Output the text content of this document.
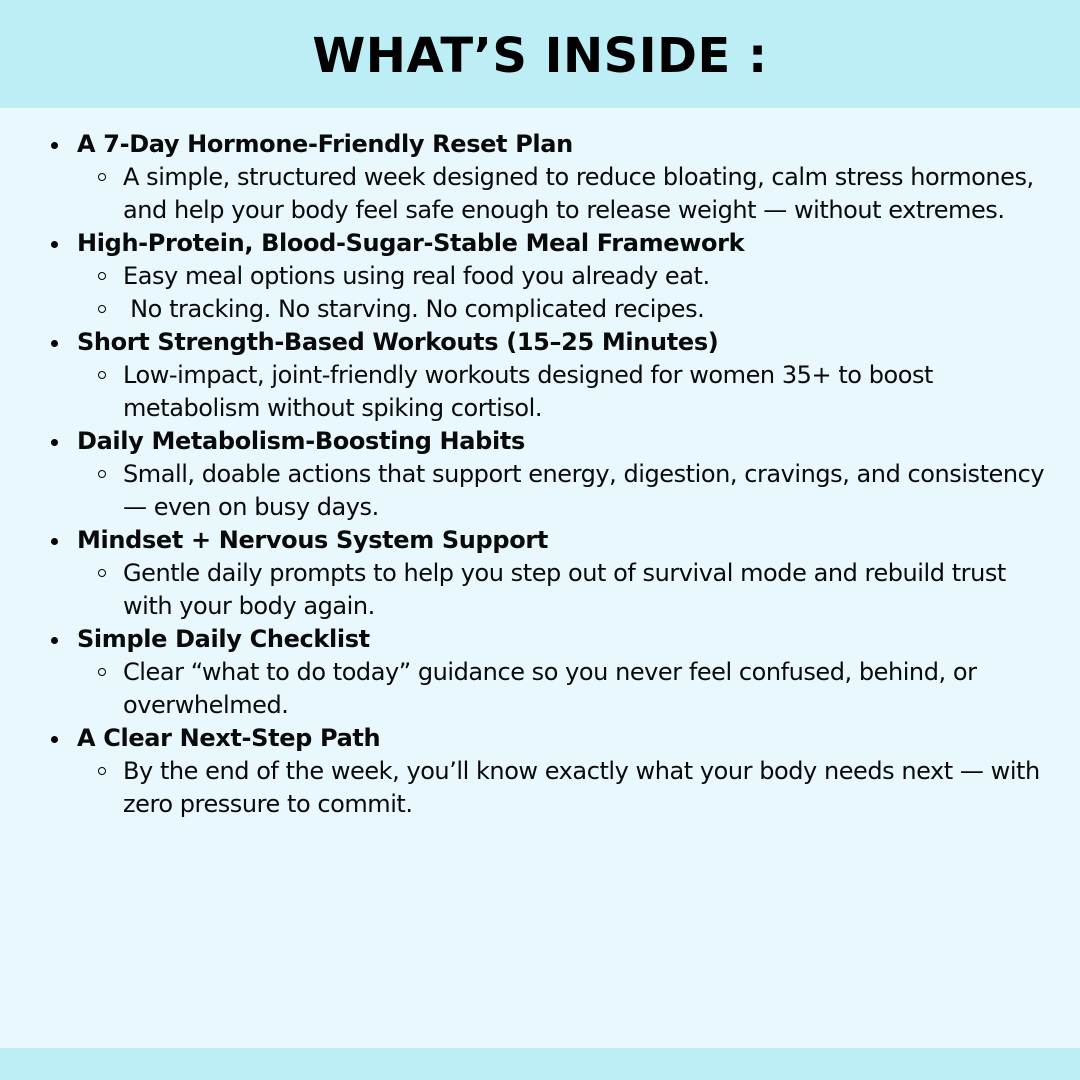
WHAT’S INSIDE :
A 7-Day Hormone-Friendly Reset Plan
A simple, structured week designed to reduce bloating, calm stress hormones, and help your body feel safe enough to release weight — without extremes.
High-Protein, Blood-Sugar-Stable Meal Framework
Easy meal options using real food you already eat.
No tracking. No starving. No complicated recipes.
Short Strength-Based Workouts (15–25 Minutes)
Low-impact, joint-friendly workouts designed for women 35+ to boost metabolism without spiking cortisol.
Daily Metabolism-Boosting Habits
Small, doable actions that support energy, digestion, cravings, and consistency — even on busy days.
Mindset + Nervous System Support
Gentle daily prompts to help you step out of survival mode and rebuild trust with your body again.
Simple Daily Checklist
Clear “what to do today” guidance so you never feel confused, behind, or overwhelmed.
A Clear Next-Step Path
By the end of the week, you’ll know exactly what your body needs next — with zero pressure to commit.
